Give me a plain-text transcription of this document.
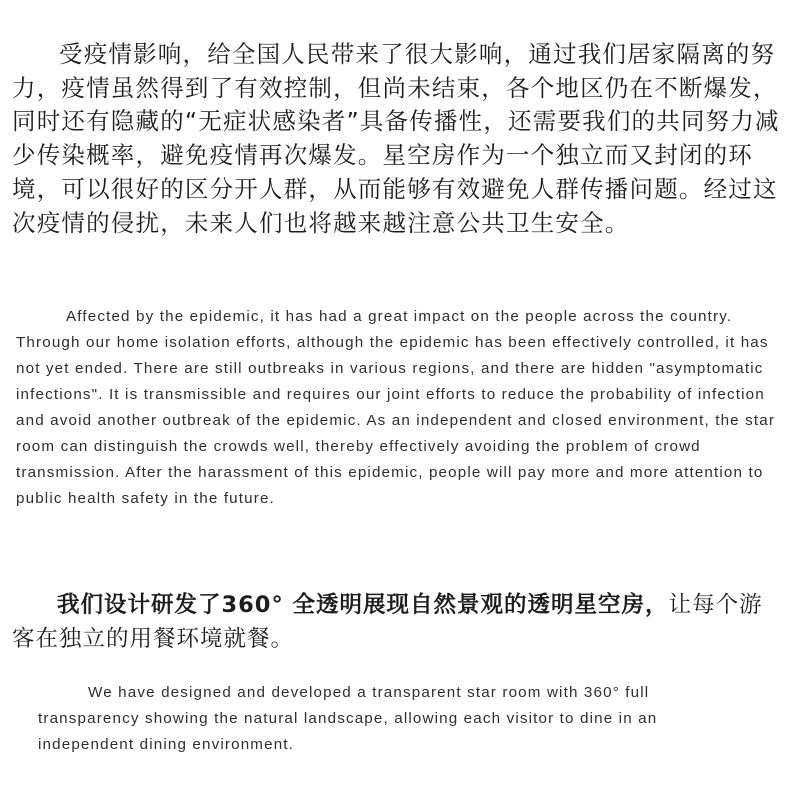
受疫情影响，给全国人民带来了很大影响，通过我们居家隔离的努力，疫情虽然得到了有效控制，但尚未结束，各个地区仍在不断爆发，同时还有隐藏的“无症状感染者”具备传播性，还需要我们的共同努力减少传染概率，避免疫情再次爆发。星空房作为一个独立而又封闭的环境，可以很好的区分开人群，从而能够有效避免人群传播问题。经过这次疫情的侵扰，未来人们也将越来越注意公共卫生安全。

Affected by the epidemic, it has had a great impact on the people across the country. Through our home isolation efforts, although the epidemic has been effectively controlled, it has not yet ended. There are still outbreaks in various regions, and there are hidden "asymptomatic infections". It is transmissible and requires our joint efforts to reduce the probability of infection and avoid another outbreak of the epidemic. As an independent and closed environment, the star room can distinguish the crowds well, thereby effectively avoiding the problem of crowd transmission. After the harassment of this epidemic, people will pay more and more attention to public health safety in the future.

我们设计研发了360° 全透明展现自然景观的透明星空房，让每个游客在独立的用餐环境就餐。

We have designed and developed a transparent star room with 360° full transparency showing the natural landscape, allowing each visitor to dine in an independent dining environment.
